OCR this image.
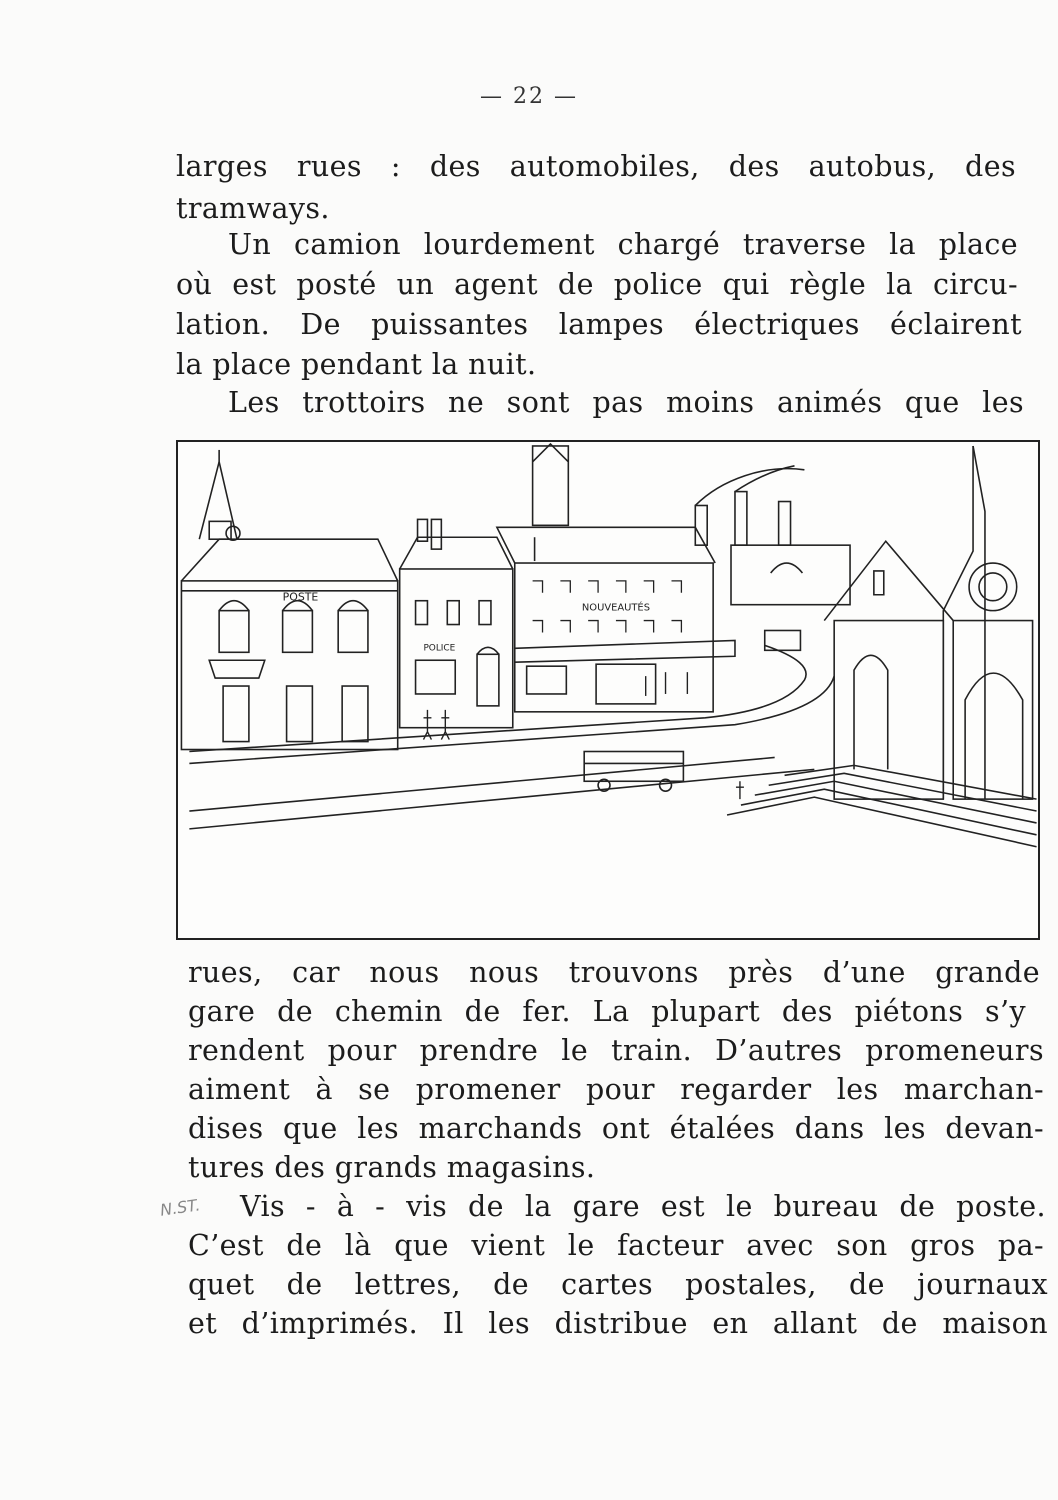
— 22 —
larges rues : des automobiles, des autobus, des
tramways.
Un camion lourdement chargé traverse la place
où est posté un agent de police qui règle la circu-
lation. De puissantes lampes électriques éclairent
la place pendant la nuit.
Les trottoirs ne sont pas moins animés que les
POSTE
POLICE
NOUVEAUTÉS
rues, car nous nous trouvons près d’une grande
gare de chemin de fer. La plupart des piétons s’y
rendent pour prendre le train. D’autres promeneurs
aiment à se promener pour regarder les marchan-
dises que les marchands ont étalées dans les devan-
tures des grands magasins.
N.ST. Vis - à - vis de la gare est le bureau de poste.
C’est de là que vient le facteur avec son gros pa-
quet de lettres, de cartes postales, de journaux
et d’imprimés. Il les distribue en allant de maison
